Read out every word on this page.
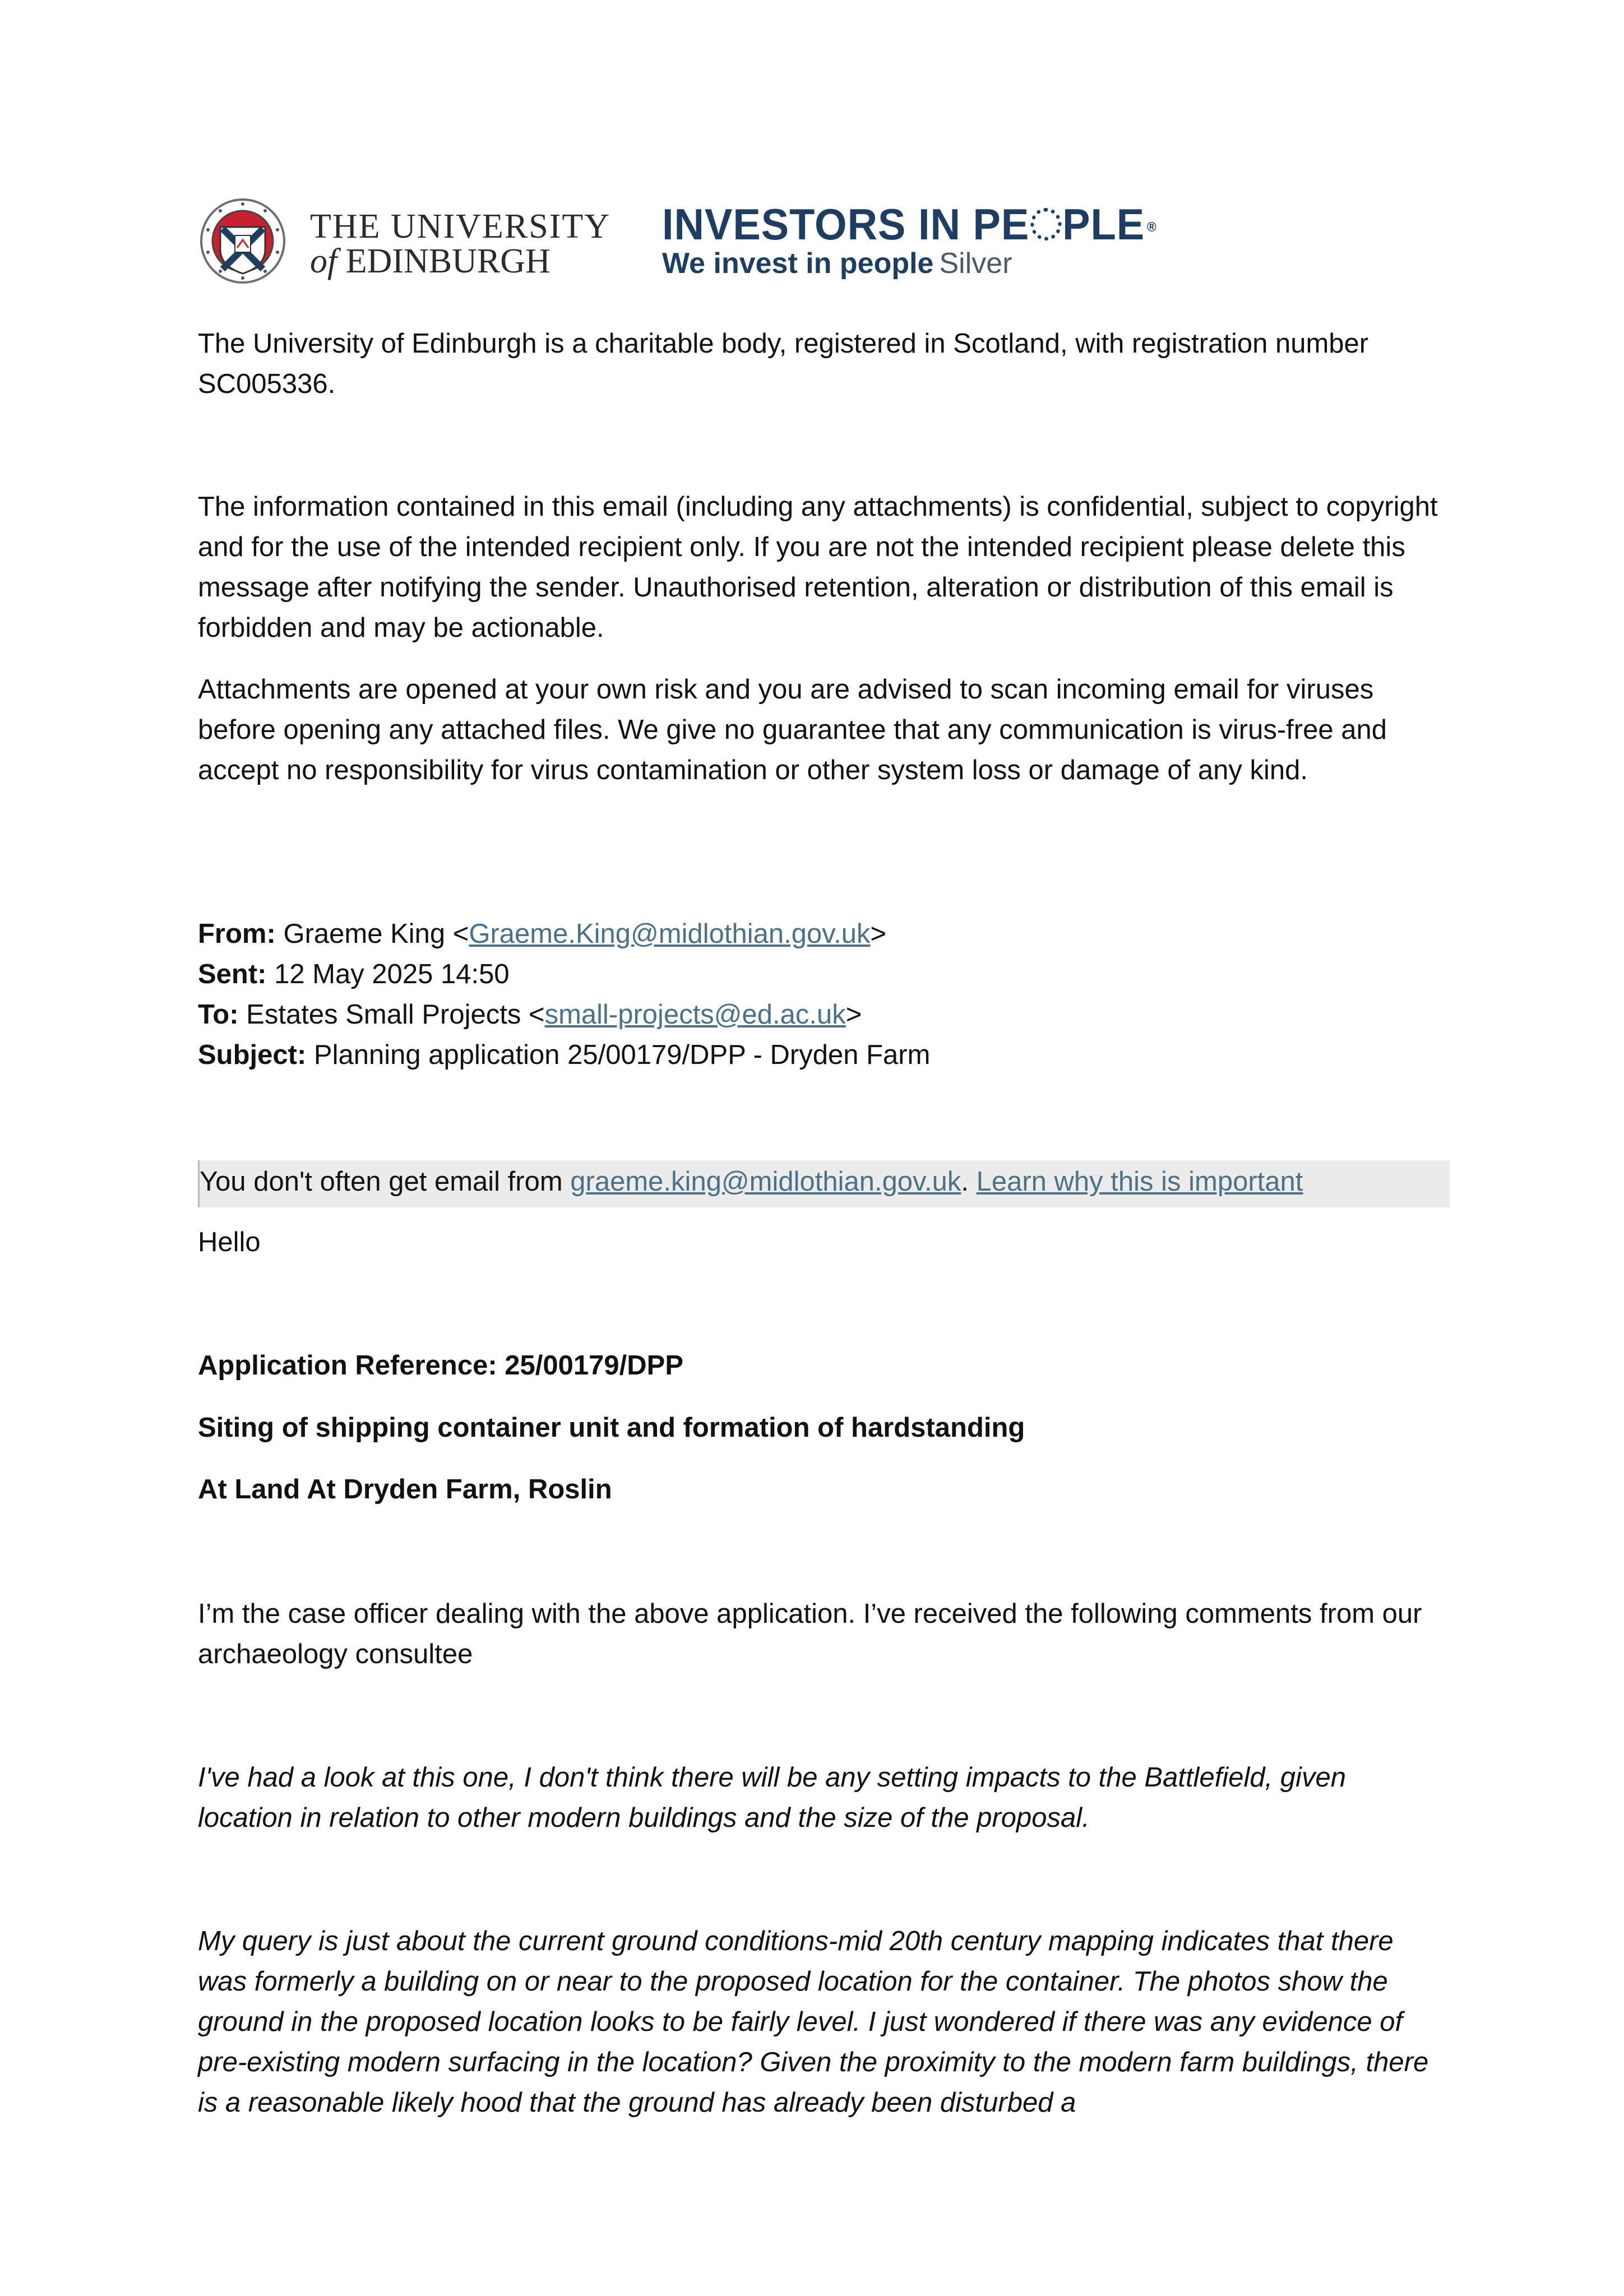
THE UNIVERSITY
of EDINBURGH
INVESTORS IN PE PLE ®
We invest in people Silver

The University of Edinburgh is a charitable body, registered in Scotland, with registration number SC005336.

The information contained in this email (including any attachments) is confidential, subject to copyright and for the use of the intended recipient only. If you are not the intended recipient please delete this message after notifying the sender. Unauthorised retention, alteration or distribution of this email is forbidden and may be actionable.

Attachments are opened at your own risk and you are advised to scan incoming email for viruses before opening any attached files. We give no guarantee that any communication is virus-free and accept no responsibility for virus contamination or other system loss or damage of any kind.

From: Graeme King <Graeme.King@midlothian.gov.uk>

Sent: 12 May 2025 14:50

To: Estates Small Projects <small-projects@ed.ac.uk>

Subject: Planning application 25/00179/DPP - Dryden Farm

You don't often get email from graeme.king@midlothian.gov.uk. Learn why this is important

Hello

Application Reference: 25/00179/DPP

Siting of shipping container unit and formation of hardstanding

At Land At Dryden Farm, Roslin

I’m the case officer dealing with the above application. I’ve received the following comments from our archaeology consultee

I've had a look at this one, I don't think there will be any setting impacts to the Battlefield, given location in relation to other modern buildings and the size of the proposal.

My query is just about the current ground conditions-mid 20th century mapping indicates that there was formerly a building on or near to the proposed location for the container. The photos show the ground in the proposed location looks to be fairly level. I just wondered if there was any evidence of pre-existing modern surfacing in the location? Given the proximity to the modern farm buildings, there is a reasonable likely hood that the ground has already been disturbed a
